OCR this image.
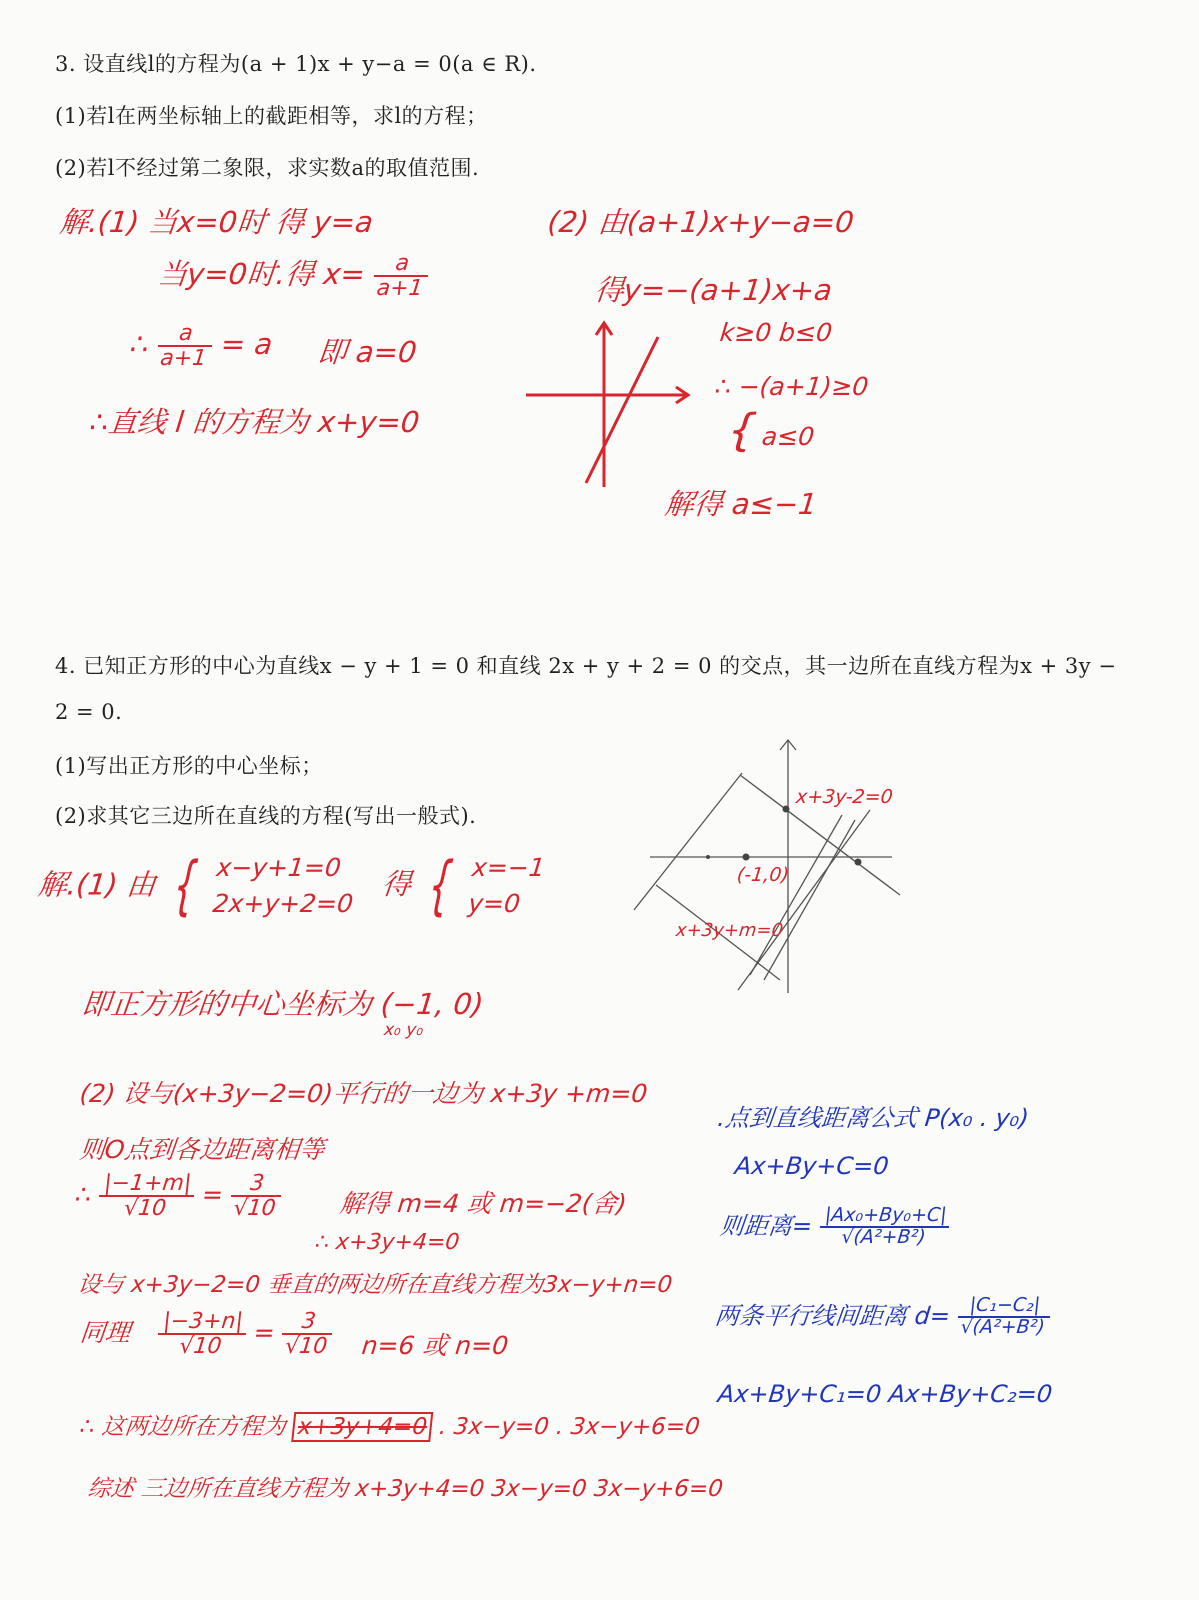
3. 设直线l的方程为(a + 1)x + y−a = 0(a ∈ R).
(1)若l在两坐标轴上的截距相等，求l的方程；
(2)若l不经过第二象限，求实数a的取值范围.
解.(1) 当x=0时 得 y=a
当y=0时.得 $x= \frac{a}{a+1}$
∴ $\frac{a}{a+1} = a$ 即 a=0
∴直线 l 的方程为 x+y=0
(2) 由(a+1)x+y−a=0
得y=−(a+1)x+a
k≥0 b≤0
∴ −(a+1)≥0
{ a≤0
解得 a≤−1
4. 已知正方形的中心为直线x − y + 1 = 0 和直线 2x + y + 2 = 0 的交点，其一边所在直线方程为x + 3y −
2 = 0.
(1)写出正方形的中心坐标；
(2)求其它三边所在直线的方程(写出一般式).
x+3y-2=0
(-1,0)
x+3y+m=0
解.(1) 由 { x−y+1=0
2x+y+2=0
得 { x=−1
y=0
即正方形的中心坐标为 (−1, 0)
x₀ y₀
(2) 设与(x+3y−2=0)平行的一边为 x+3y +m=0
则O点到各边距离相等
∴ $\frac{|-1+m|}{√10} = \frac{3}{√10}$ 解得 m=4 或 m=−2(舍)
∴ x+3y+4=0
设与 x+3y−2=0 垂直的两边所在直线方程为3x−y+n=0
同理 $\frac{|-3+n|}{√10} = \frac{3}{√10} n=6$ 或 n=0
∴ 这两边所在方程为 x+3y+4=0 . 3x−y=0 . 3x−y+6=0
综述 三边所在直线方程为 x+3y+4=0 3x−y=0 3x−y+6=0
.点到直线距离公式 P(x₀ . y₀)
Ax+By+C=0
则距离= $\frac{\text{|Ax₀+By₀+C|}}{\text{√(A²+B²)}}$
两条平行线间距离 $d= \frac{\text{|C₁−C₂|}}{\text{√(A²+B²)}}$
Ax+By+C₁=0 Ax+By+C₂=0
